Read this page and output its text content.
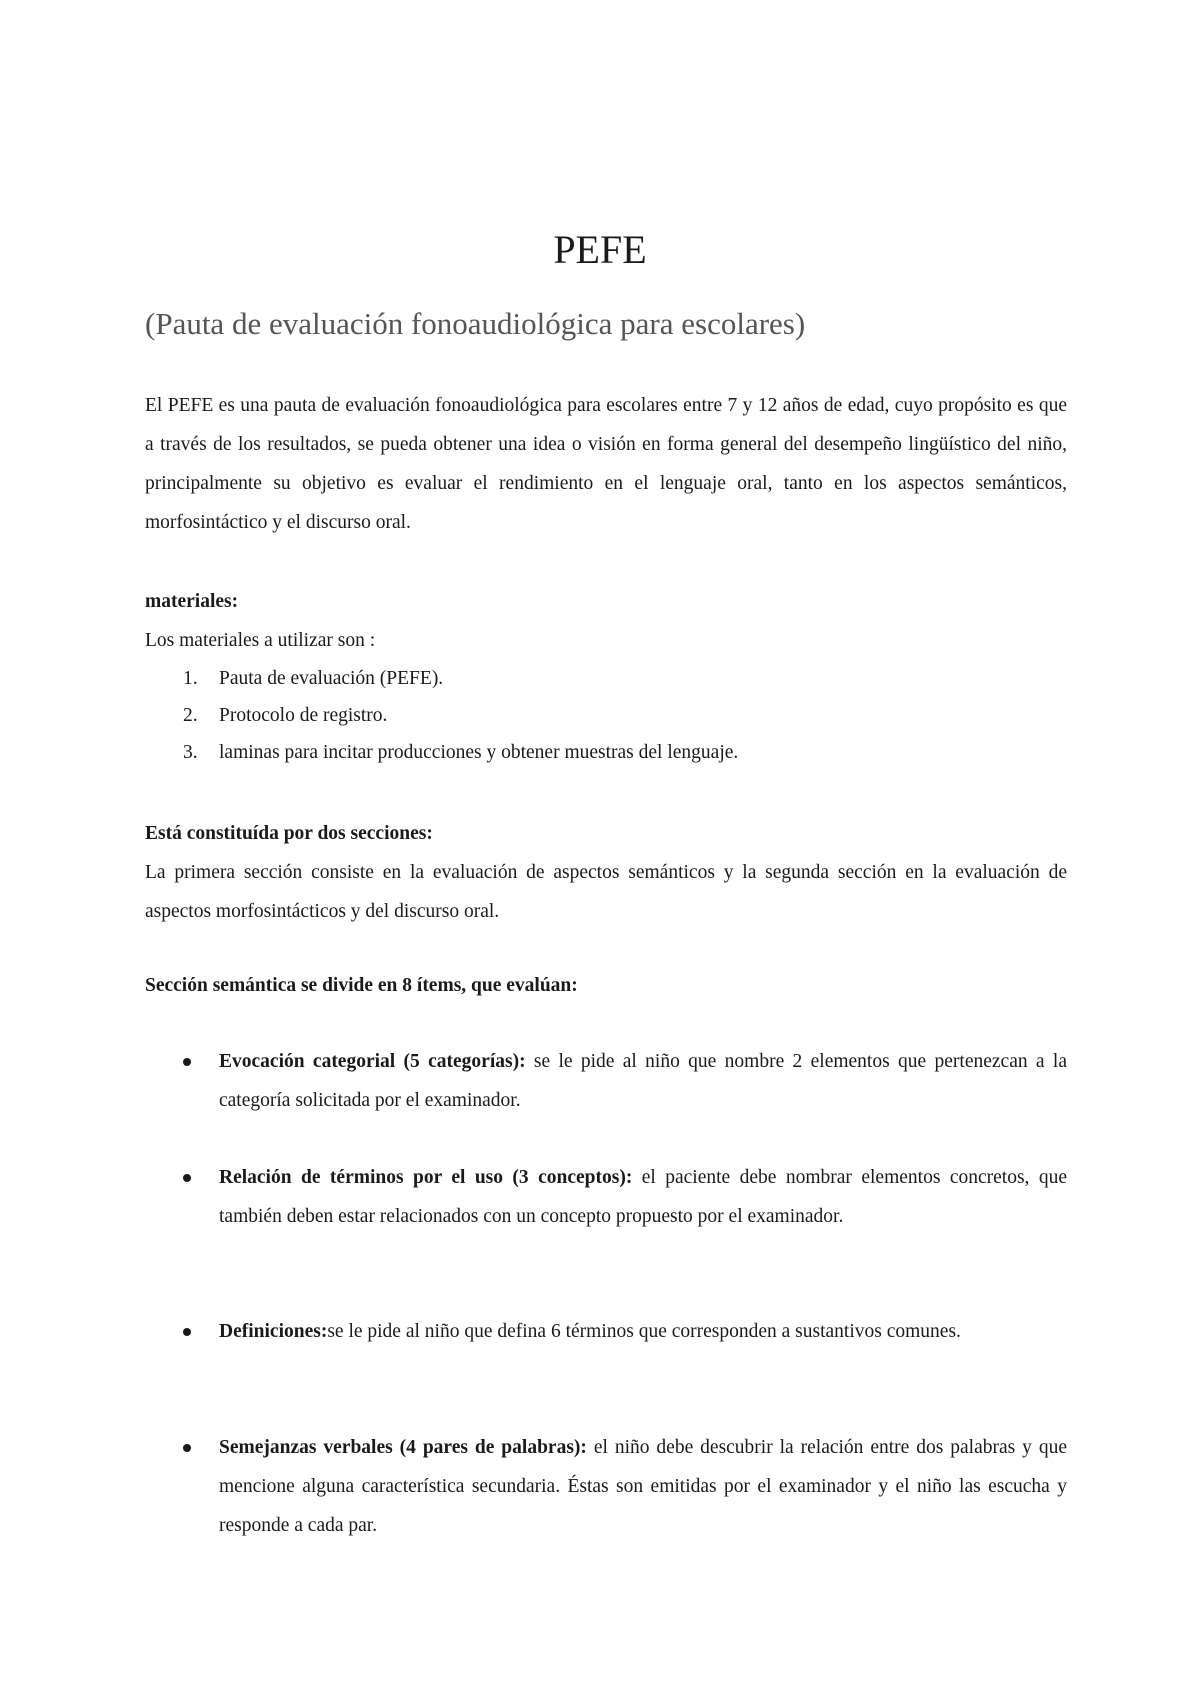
PEFE

(Pauta de evaluación fonoaudiológica para escolares)

El PEFE es una pauta de evaluación fonoaudiológica para escolares entre 7 y 12 años de edad, cuyo propósito es que a través de los resultados, se pueda obtener una idea o visión en forma general del desempeño lingüístico del niño, principalmente su objetivo es evaluar el rendimiento en el lenguaje oral, tanto en los aspectos semánticos, morfosintáctico y el discurso oral.

materiales:

Los materiales a utilizar son :

1. Pauta de evaluación (PEFE).
2. Protocolo de registro.
3. laminas para incitar producciones y obtener muestras del lenguaje.

Está constituída por dos secciones:

La primera sección consiste en la evaluación de aspectos semánticos y la segunda sección en la evaluación de aspectos morfosintácticos y del discurso oral.

Sección semántica se divide en 8 ítems, que evalúan:

Evocación categorial (5 categorías): se le pide al niño que nombre 2 elementos que pertenezcan a la categoría solicitada por el examinador.
Relación de términos por el uso (3 conceptos): el paciente debe nombrar elementos concretos, que también deben estar relacionados con un concepto propuesto por el examinador.
Definiciones:se le pide al niño que defina 6 términos que corresponden a sustantivos comunes.
Semejanzas verbales (4 pares de palabras): el niño debe descubrir la relación entre dos palabras y que mencione alguna característica secundaria. Éstas son emitidas por el examinador y el niño las escucha y responde a cada par.
